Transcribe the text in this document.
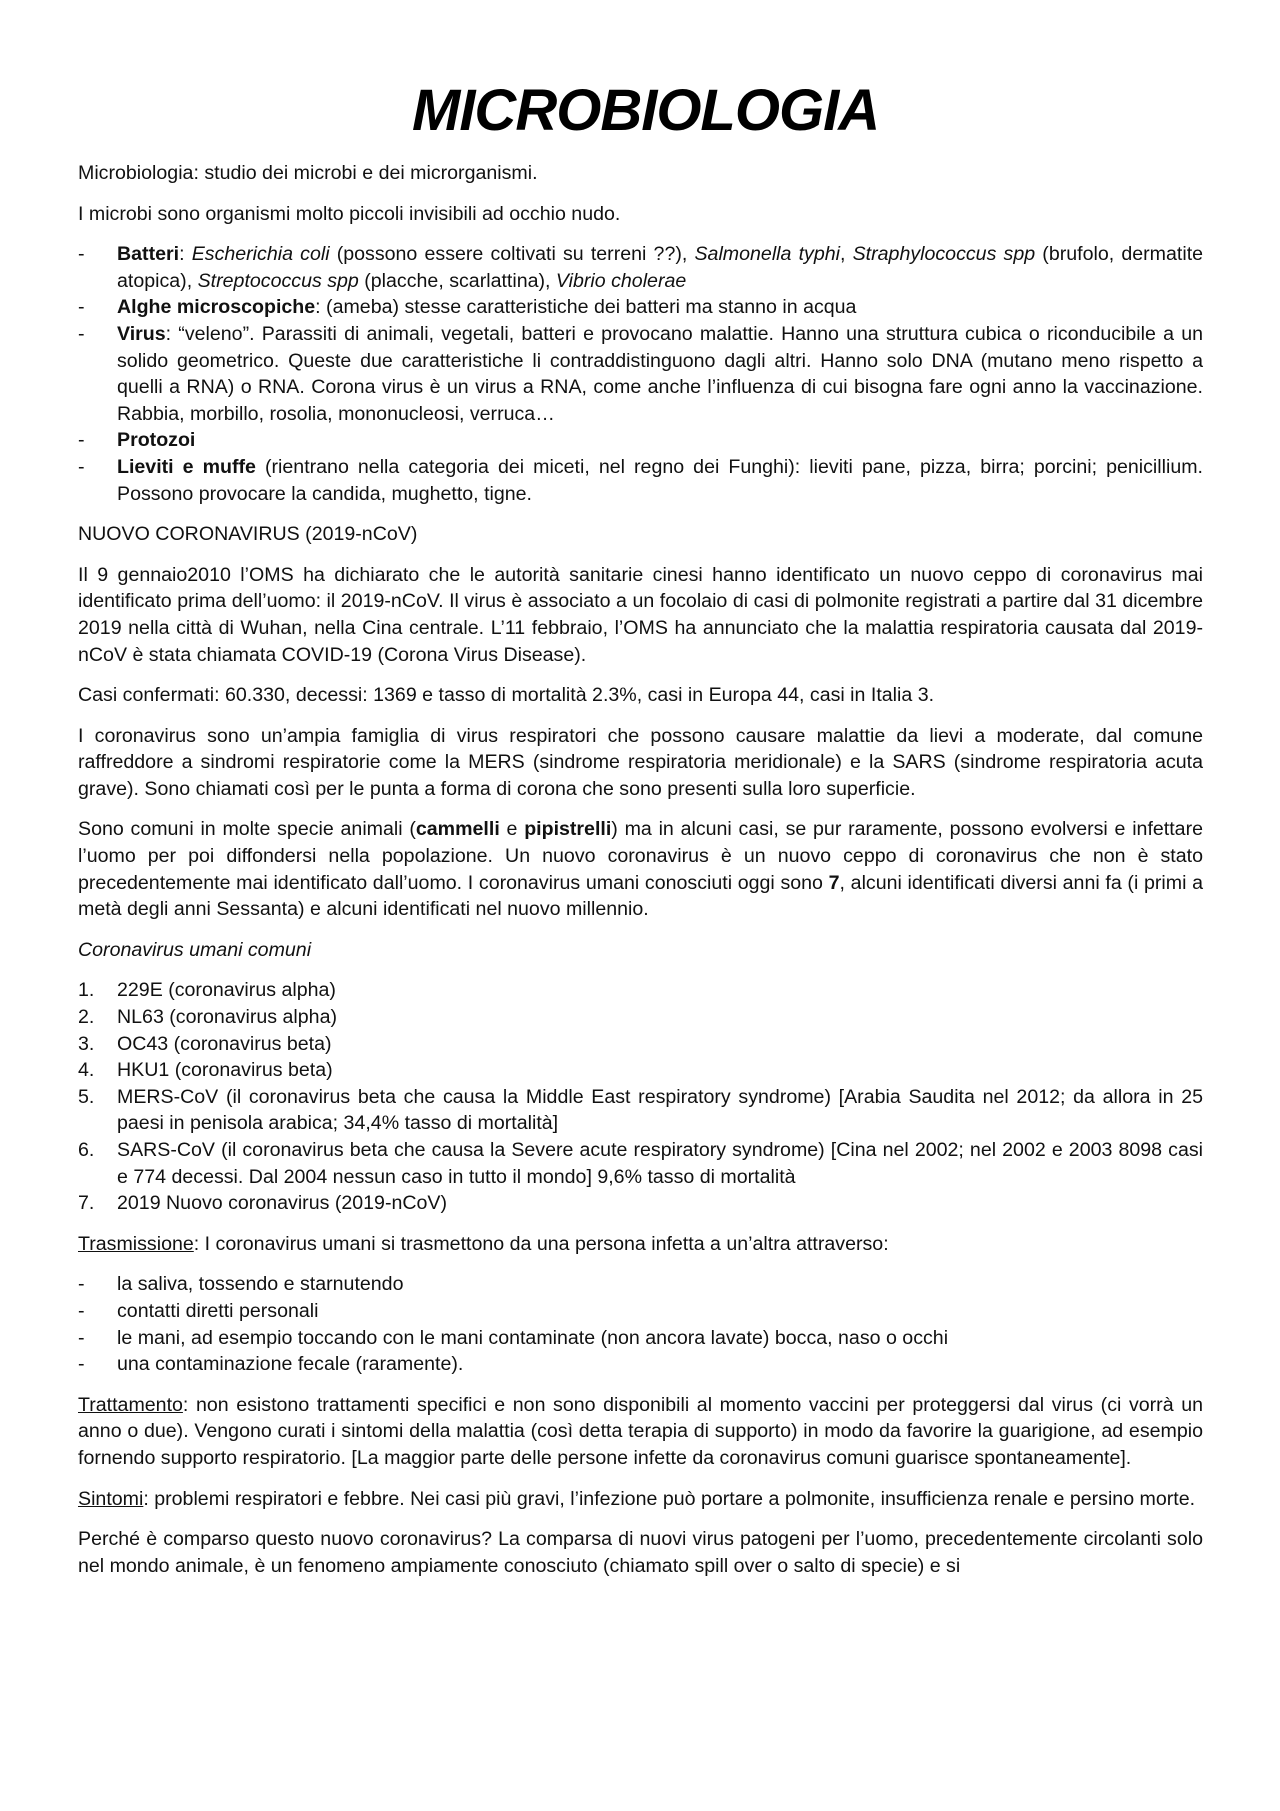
MICROBIOLOGIA

Microbiologia: studio dei microbi e dei microrganismi.

I microbi sono organismi molto piccoli invisibili ad occhio nudo.

-	Batteri: Escherichia coli (possono essere coltivati su terreni ??), Salmonella typhi, Straphylococcus spp (brufolo, dermatite atopica), Streptococcus spp (placche, scarlattina), Vibrio cholerae
-	Alghe microscopiche: (ameba) stesse caratteristiche dei batteri ma stanno in acqua
-	Virus: “veleno”. Parassiti di animali, vegetali, batteri e provocano malattie. Hanno una struttura cubica o riconducibile a un solido geometrico. Queste due caratteristiche li contraddistinguono dagli altri. Hanno solo DNA (mutano meno rispetto a quelli a RNA) o RNA. Corona virus è un virus a RNA, come anche l’influenza di cui bisogna fare ogni anno la vaccinazione. Rabbia, morbillo, rosolia, mononucleosi, verruca…
-	Protozoi
-	Lieviti e muffe (rientrano nella categoria dei miceti, nel regno dei Funghi): lieviti pane, pizza, birra; porcini; penicillium. Possono provocare la candida, mughetto, tigne.

NUOVO CORONAVIRUS (2019-nCoV)

Il 9 gennaio2010 l’OMS ha dichiarato che le autorità sanitarie cinesi hanno identificato un nuovo ceppo di coronavirus mai identificato prima dell’uomo: il 2019-nCoV. Il virus è associato a un focolaio di casi di polmonite registrati a partire dal 31 dicembre 2019 nella città di Wuhan, nella Cina centrale. L’11 febbraio, l’OMS ha annunciato che la malattia respiratoria causata dal 2019-nCoV è stata chiamata COVID-19 (Corona Virus Disease).

Casi confermati: 60.330, decessi: 1369 e tasso di mortalità 2.3%, casi in Europa 44, casi in Italia 3.

I coronavirus sono un’ampia famiglia di virus respiratori che possono causare malattie da lievi a moderate, dal comune raffreddore a sindromi respiratorie come la MERS (sindrome respiratoria meridionale) e la SARS (sindrome respiratoria acuta grave). Sono chiamati così per le punta a forma di corona che sono presenti sulla loro superficie.

Sono comuni in molte specie animali (cammelli e pipistrelli) ma in alcuni casi, se pur raramente, possono evolversi e infettare l’uomo per poi diffondersi nella popolazione. Un nuovo coronavirus è un nuovo ceppo di coronavirus che non è stato precedentemente mai identificato dall’uomo. I coronavirus umani conosciuti oggi sono 7, alcuni identificati diversi anni fa (i primi a metà degli anni Sessanta) e alcuni identificati nel nuovo millennio.

Coronavirus umani comuni

1.	229E (coronavirus alpha)
2.	NL63 (coronavirus alpha)
3.	OC43 (coronavirus beta)
4.	HKU1 (coronavirus beta)
5.	MERS-CoV (il coronavirus beta che causa la Middle East respiratory syndrome) [Arabia Saudita nel 2012; da allora in 25 paesi in penisola arabica; 34,4% tasso di mortalità]
6.	SARS-CoV (il coronavirus beta che causa la Severe acute respiratory syndrome) [Cina nel 2002; nel 2002 e 2003 8098 casi e 774 decessi. Dal 2004 nessun caso in tutto il mondo] 9,6% tasso di mortalità
7.	2019 Nuovo coronavirus (2019-nCoV)

Trasmissione: I coronavirus umani si trasmettono da una persona infetta a un’altra attraverso:

-	la saliva, tossendo e starnutendo
-	contatti diretti personali
-	le mani, ad esempio toccando con le mani contaminate (non ancora lavate) bocca, naso o occhi
-	una contaminazione fecale (raramente).

Trattamento: non esistono trattamenti specifici e non sono disponibili al momento vaccini per proteggersi dal virus (ci vorrà un anno o due). Vengono curati i sintomi della malattia (così detta terapia di supporto) in modo da favorire la guarigione, ad esempio fornendo supporto respiratorio. [La maggior parte delle persone infette da coronavirus comuni guarisce spontaneamente].

Sintomi: problemi respiratori e febbre. Nei casi più gravi, l’infezione può portare a polmonite, insufficienza renale e persino morte.

Perché è comparso questo nuovo coronavirus? La comparsa di nuovi virus patogeni per l’uomo, precedentemente circolanti solo nel mondo animale, è un fenomeno ampiamente conosciuto (chiamato spill over o salto di specie) e si
